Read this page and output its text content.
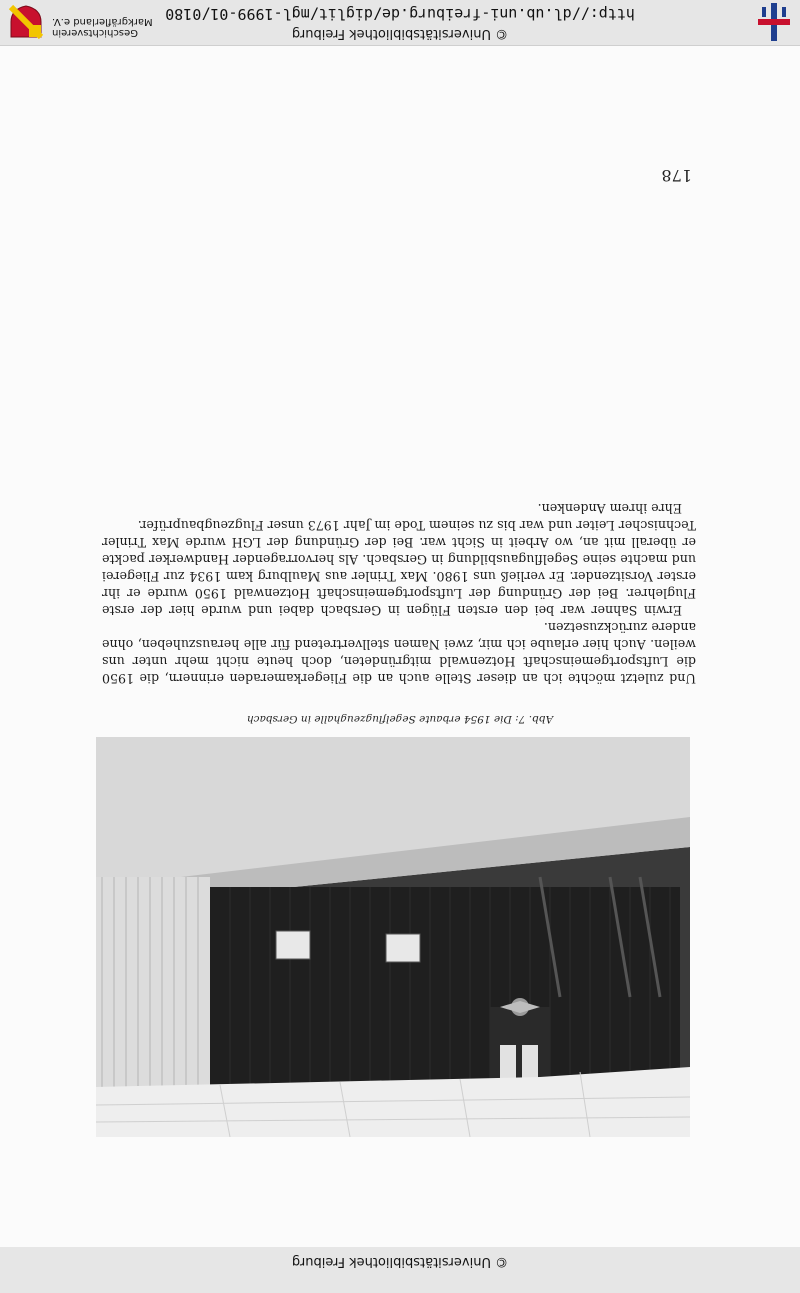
© Universitätsbibliothek Freiburg
Abb. 7: Die 1954 erbaute Segelflugzeughalle in Gersbach

Und zuletzt möchte ich an dieser Stelle auch an die Fliegerkameraden erinnern, die 1950 die Luftsportgemeinschaft Hotzenwald mitgründeten, doch heute nicht mehr unter uns weilen. Auch hier erlaube ich mir, zwei Namen stellvertretend für alle herauszuheben, ohne andere zurückzusetzen.

Erwin Sahner war bei den ersten Flügen in Gersbach dabei und wurde hier der erste Fluglehrer. Bei der Gründung der Luftsportgemeinschaft Hotzenwald 1950 wurde er ihr erster Vorsitzender. Er verließ uns 1980. Max Trinler aus Maulburg kam 1934 zur Fliegerei und machte seine Segelflugausbildung in Gersbach. Als hervorragender Handwerker packte er überall mit an, wo Arbeit in Sicht war. Bei der Gründung der LGH wurde Max Trinler Technischer Leiter und war bis zu seinem Tode im Jahr 1973 unser Flugzeugbauprüfer.

Ehre ihrem Andenken.

178
© Universitätsbibliothek Freiburg
http://dl.ub.uni-freiburg.de/diglit/mgl-1999-01/0180
Geschichtsverein
Markgräflerland e.V.
